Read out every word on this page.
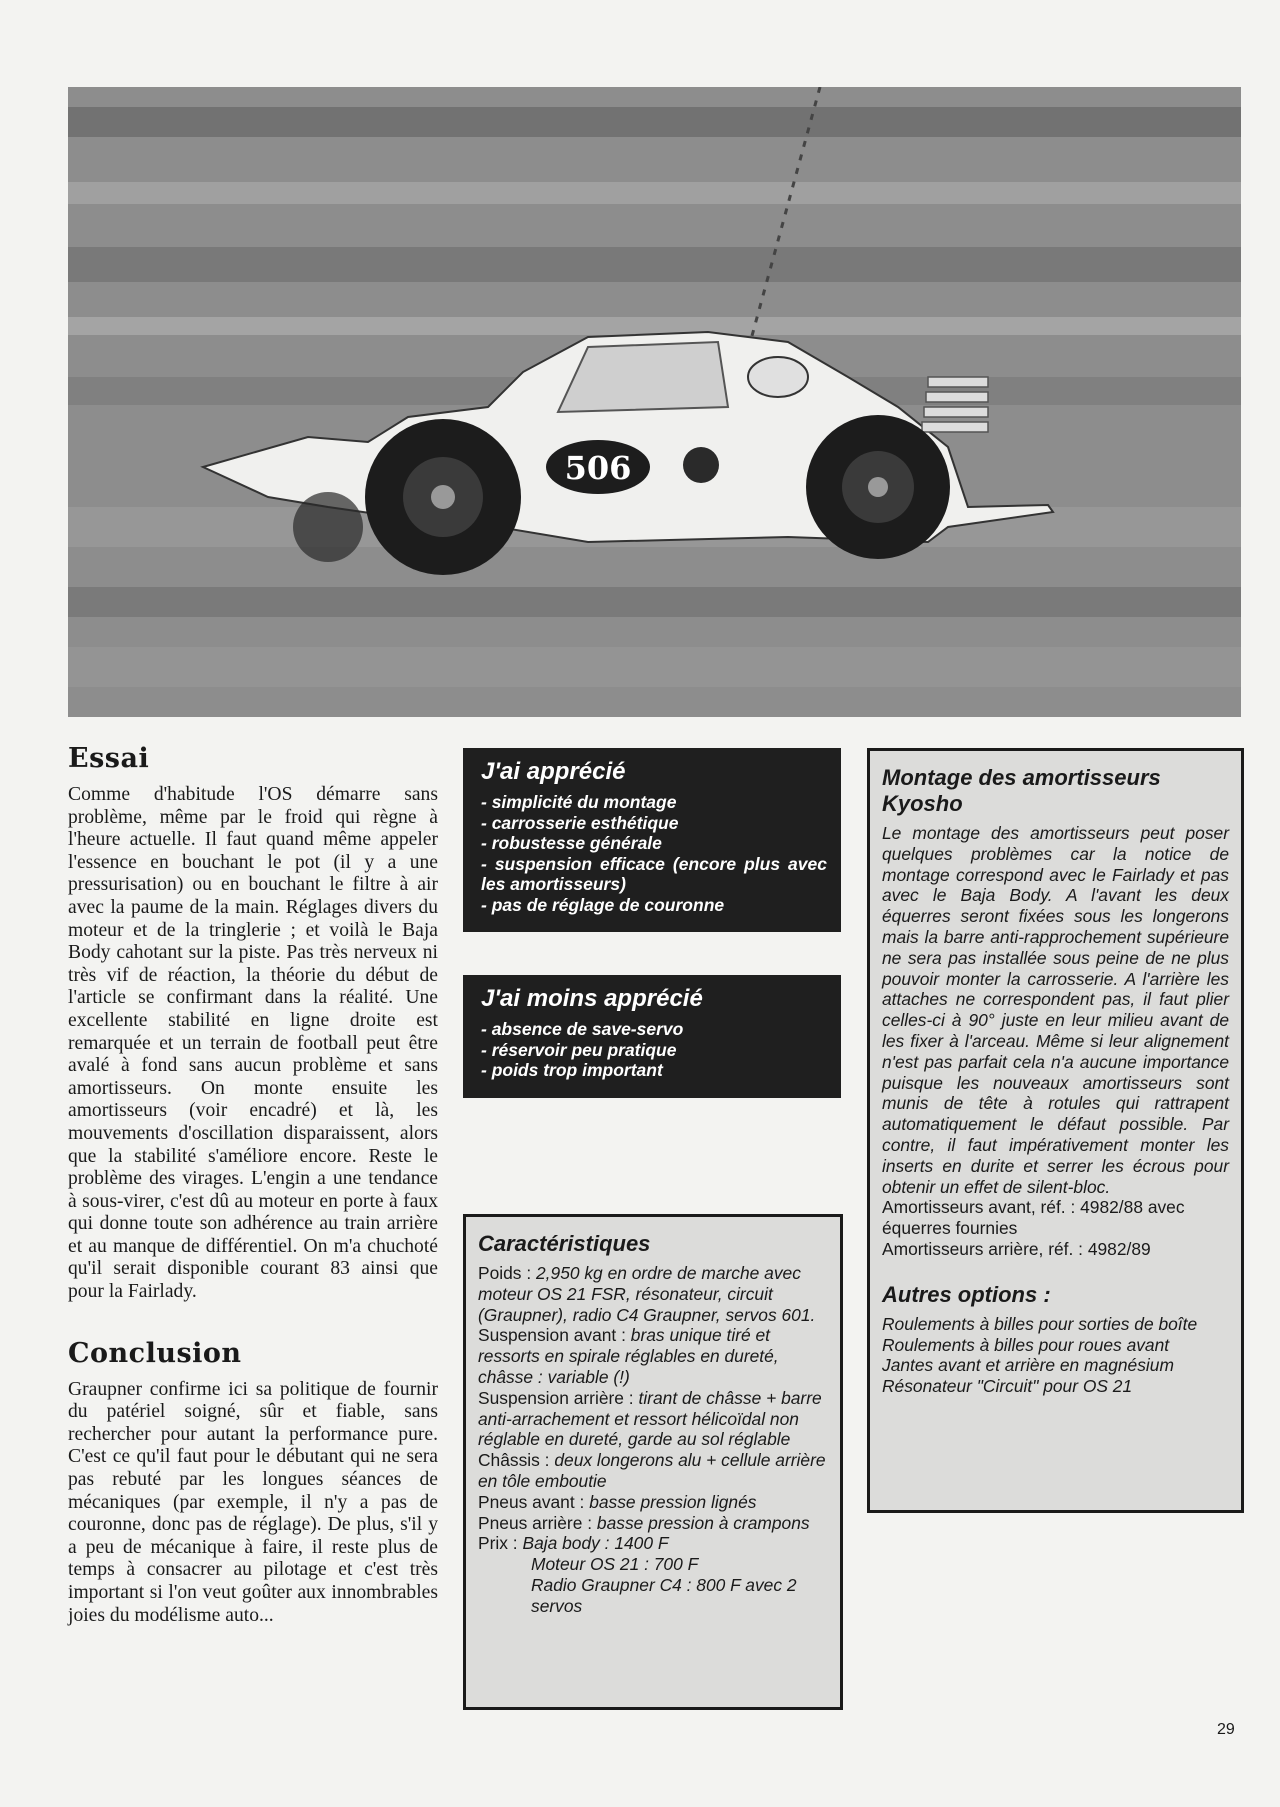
506
Essai

Comme d'habitude l'OS démarre sans problème, même par le froid qui règne à l'heure actuelle. Il faut quand même appeler l'essence en bouchant le pot (il y a une pressurisation) ou en bouchant le filtre à air avec la paume de la main. Réglages divers du moteur et de la tringlerie ; et voilà le Baja Body cahotant sur la piste. Pas très nerveux ni très vif de réaction, la théorie du début de l'article se confirmant dans la réalité. Une excellente stabilité en ligne droite est remarquée et un terrain de football peut être avalé à fond sans aucun problème et sans amortisseurs. On monte ensuite les amortisseurs (voir encadré) et là, les mouvements d'oscillation disparaissent, alors que la stabilité s'améliore encore. Reste le problème des virages. L'engin a une tendance à sous-virer, c'est dû au moteur en porte à faux qui donne toute son adhérence au train arrière et au manque de différentiel. On m'a chuchoté qu'il serait disponible courant 83 ainsi que pour la Fairlady.

Conclusion

Graupner confirme ici sa politique de fournir du patériel soigné, sûr et fiable, sans rechercher pour autant la performance pure. C'est ce qu'il faut pour le débutant qui ne sera pas rebuté par les longues séances de mécaniques (par exemple, il n'y a pas de couronne, donc pas de réglage). De plus, s'il y a peu de mécanique à faire, il reste plus de temps à consacrer au pilotage et c'est très important si l'on veut goûter aux innombrables joies du modélisme auto...

J'ai apprécié
- simplicité du montage
- carrosserie esthétique
- robustesse générale
- suspension efficace (encore plus avec les amortisseurs)
- pas de réglage de couronne
J'ai moins apprécié
- absence de save-servo
- réservoir peu pratique
- poids trop important
Caractéristiques
Poids : 2,950 kg en ordre de marche avec moteur OS 21 FSR, résonateur, circuit (Graupner), radio C4 Graupner, servos 601.
Suspension avant : bras unique tiré et ressorts en spirale réglables en dureté, châsse : variable (!)
Suspension arrière : tirant de châsse + barre anti-arrachement et ressort hélicoïdal non réglable en dureté, garde au sol réglable
Châssis : deux longerons alu + cellule arrière en tôle emboutie
Pneus avant : basse pression lignés
Pneus arrière : basse pression à crampons
Prix : Baja body : 1400 F
Moteur OS 21 : 700 F
Radio Graupner C4 : 800 F avec 2 servos
Montage des amortisseurs Kyosho
Le montage des amortisseurs peut poser quelques problèmes car la notice de montage correspond avec le Fairlady et pas avec le Baja Body. A l'avant les deux équerres seront fixées sous les longerons mais la barre anti-rapprochement supérieure ne sera pas installée sous peine de ne plus pouvoir monter la carrosserie. A l'arrière les attaches ne correspondent pas, il faut plier celles-ci à 90° juste en leur milieu avant de les fixer à l'arceau. Même si leur alignement n'est pas parfait cela n'a aucune importance puisque les nouveaux amortisseurs sont munis de tête à rotules qui rattrapent automatiquement le défaut possible. Par contre, il faut impérativement monter les inserts en durite et serrer les écrous pour obtenir un effet de silent-bloc.
Amortisseurs avant, réf. : 4982/88 avec équerres fournies
Amortisseurs arrière, réf. : 4982/89
Autres options :
Roulements à billes pour sorties de boîte
Roulements à billes pour roues avant
Jantes avant et arrière en magnésium
Résonateur "Circuit" pour OS 21
29
